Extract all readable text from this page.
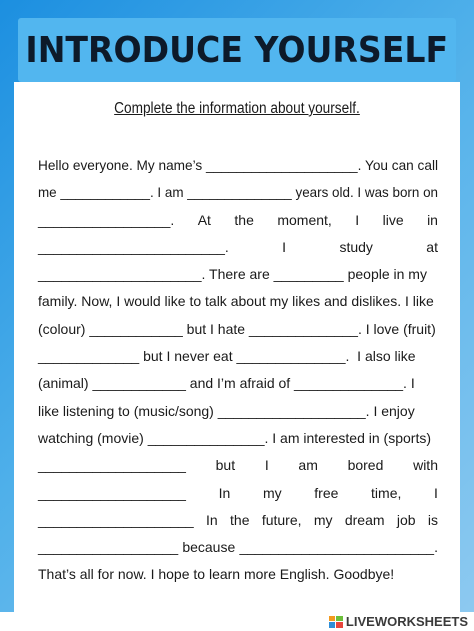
INTRODUCE YOURSELF
Complete the information about yourself.
Hello everyone. My name’s ____________________. You can call
me ____________. I am ______________ years old. I was born on
_________________. At the moment, I live in
________________________.	I	study	at
_____________________. There are _________ people in my
family. Now, I would like to talk about my likes and dislikes. I like
(colour) ____________ but I hate ______________. I love (fruit)
_____________ but I never eat ______________.  I also like
(animal) ____________ and I’m afraid of ______________. I
like listening to (music/song) ___________________. I enjoy
watching (movie) _______________. I am interested in (sports)
___________________ but I am bored with
___________________ In my free time, I
____________________ In the future, my dream job is
__________________ because _________________________.
That’s all for now. I hope to learn more English. Goodbye!
LIVEWORKSHEETS
